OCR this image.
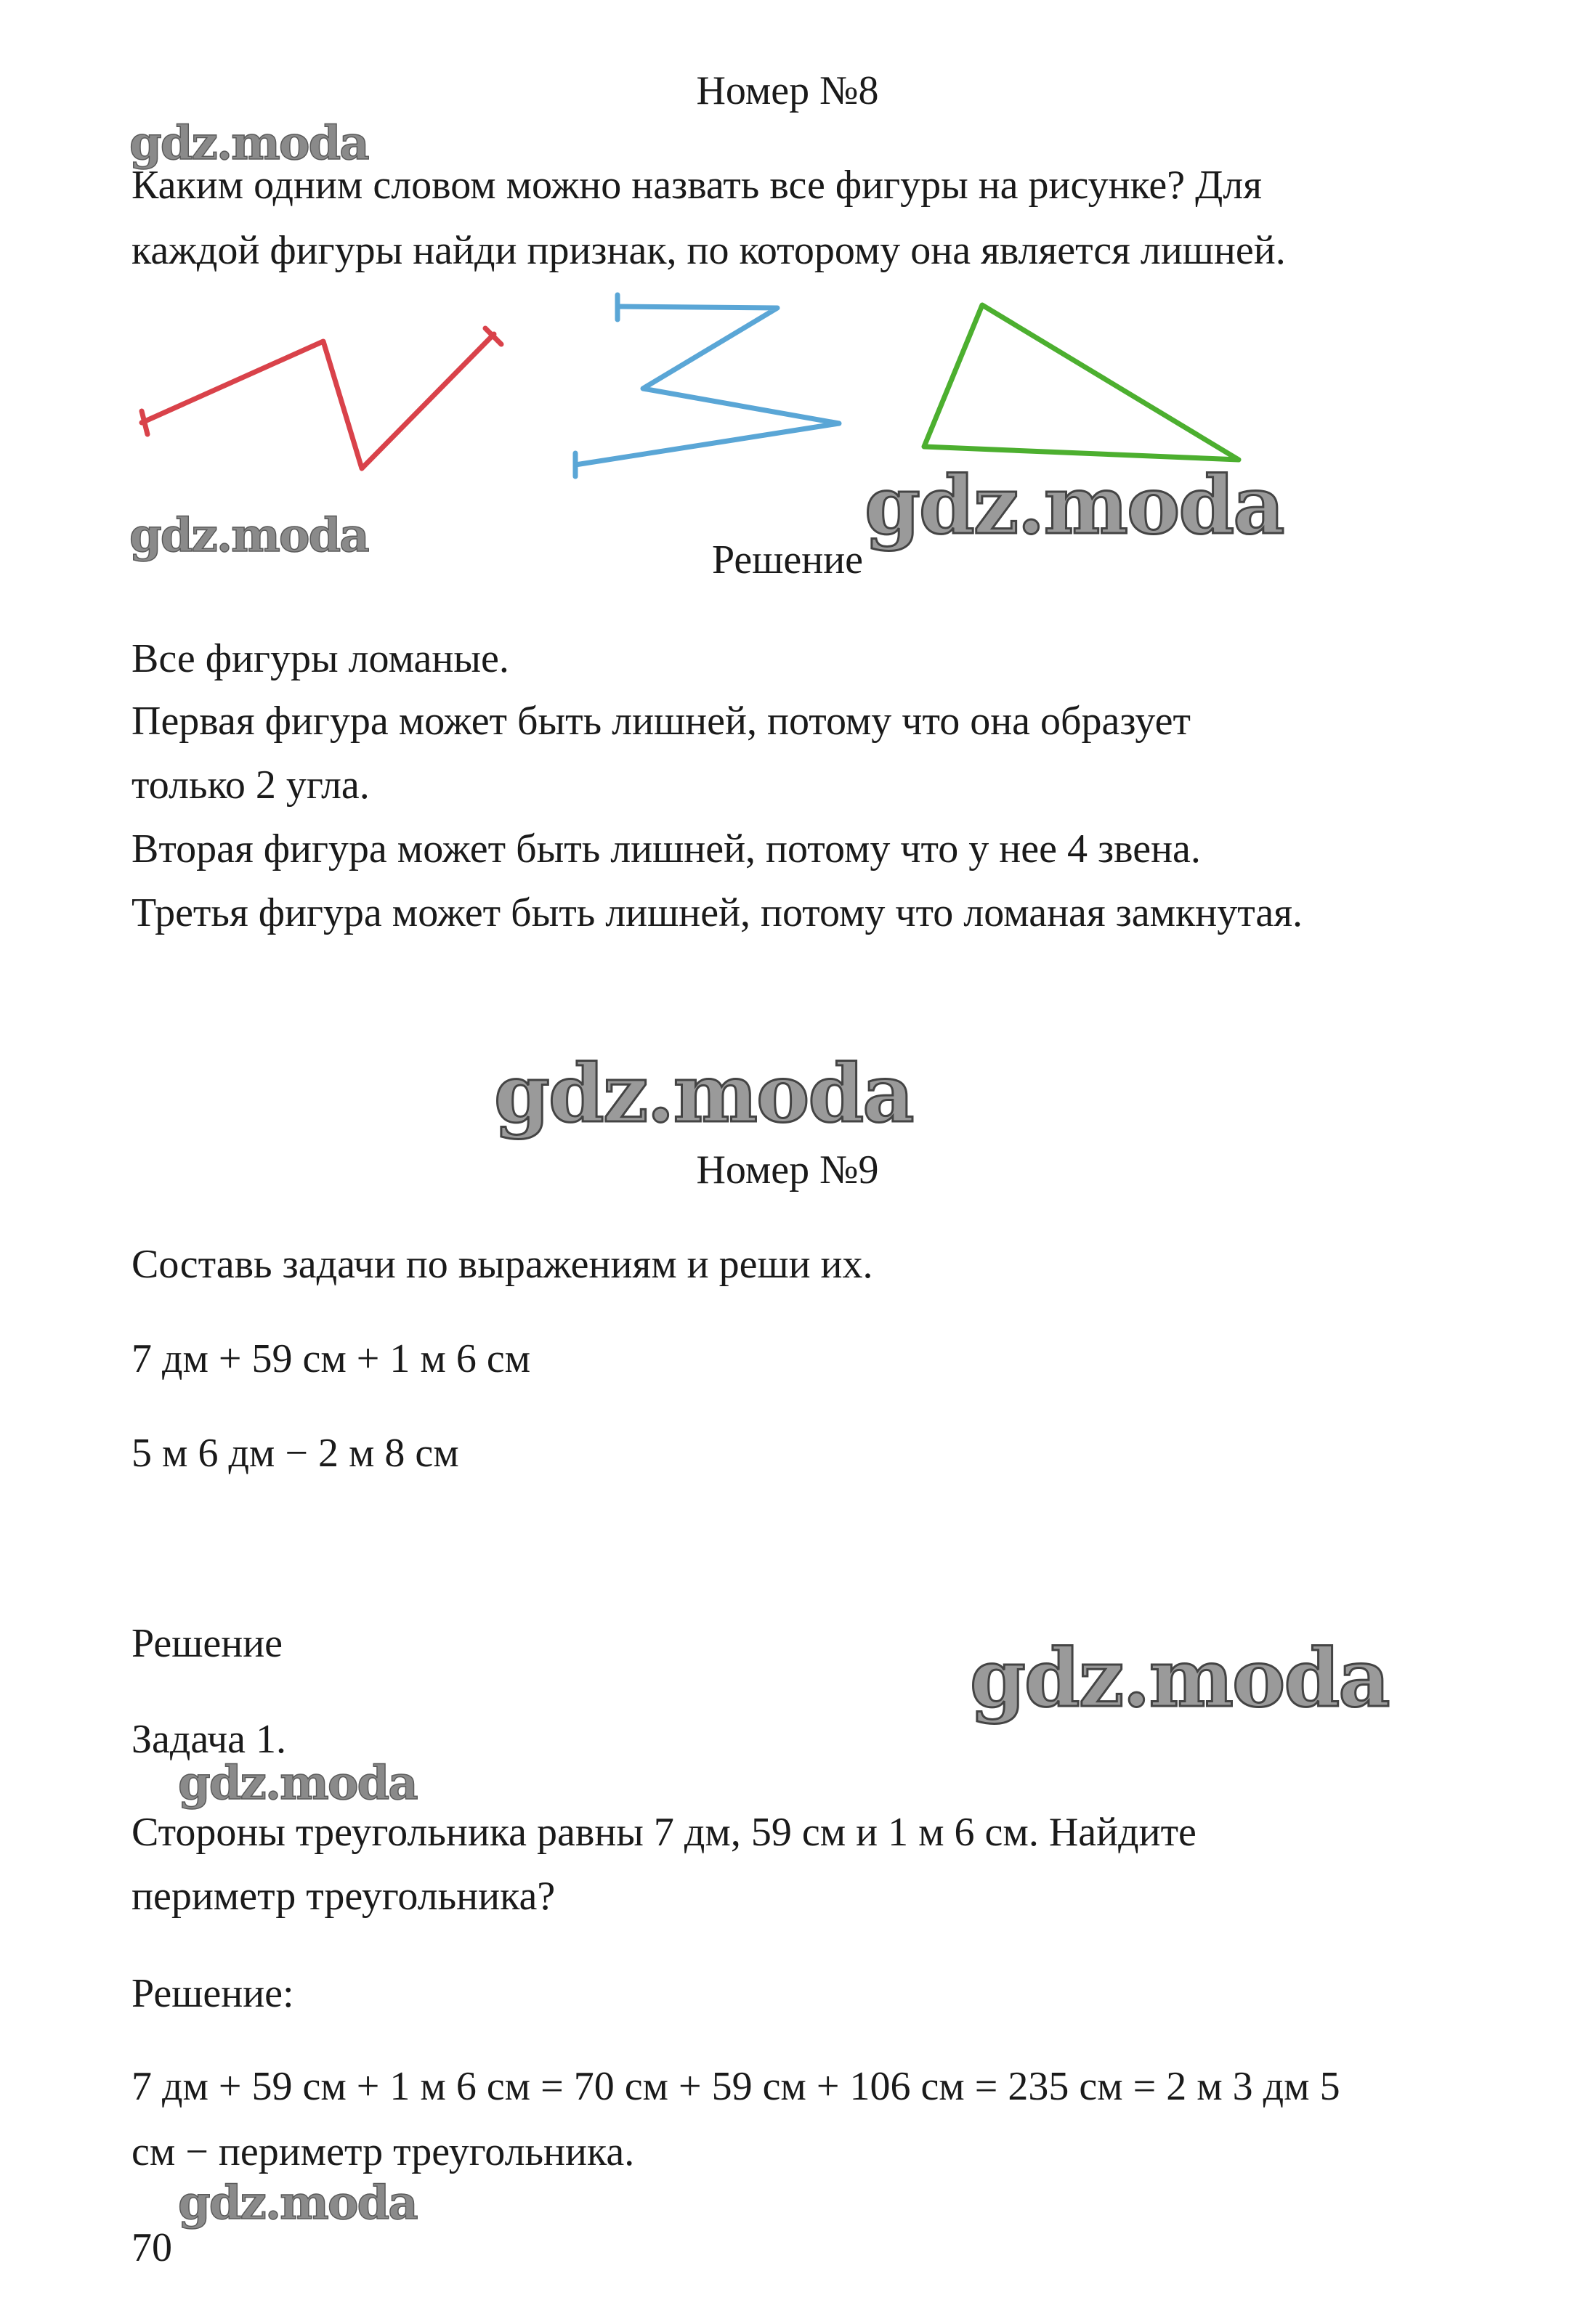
Номер №8

gdz.moda

Каким одним словом можно назвать все фигуры на рисунке? Для

каждой фигуры найди признак, по которому она является лишней.

gdz.moda	gdz.moda

Решение

Все фигуры ломаные.

Первая фигура может быть лишней, потому что она образует

только 2 угла.

Вторая фигура может быть лишней, потому что у нее 4 звена.

Третья фигура может быть лишней, потому что ломаная замкнутая.

gdz.moda

Номер №9

Составь задачи по выражениям и реши их.

7 дм + 59 см + 1 м 6 см

5 м 6 дм − 2 м 8 см

Решение	gdz.moda

Задача 1.

gdz.moda

Стороны треугольника равны 7 дм, 59 см и 1 м 6 см. Найдите

периметр треугольника?

Решение:

7 дм + 59 см + 1 м 6 см = 70 см + 59 см + 106 см = 235 см = 2 м 3 дм 5

см − периметр треугольника.

gdz.moda

70
